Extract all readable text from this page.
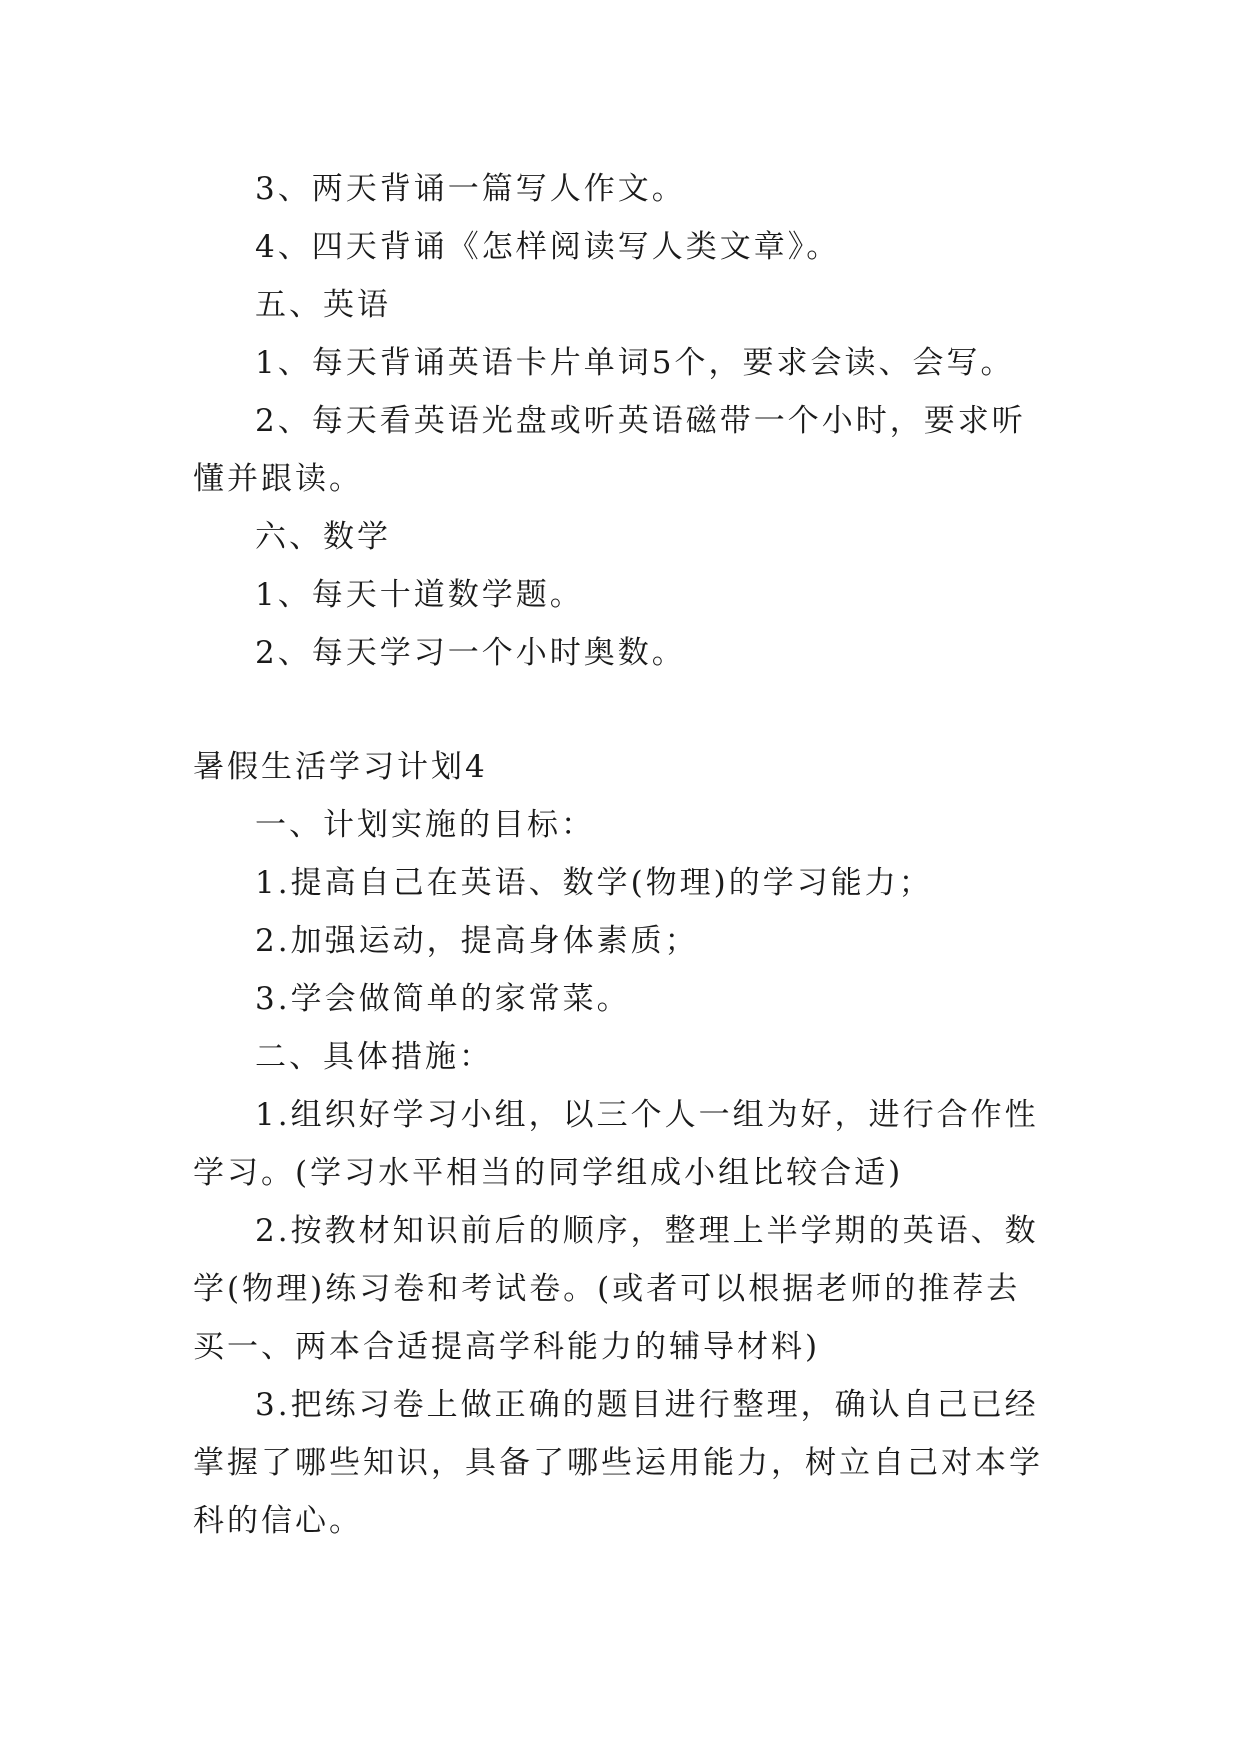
3、两天背诵一篇写人作文。

4、四天背诵《怎样阅读写人类文章》。

五、英语

1、每天背诵英语卡片单词5个，要求会读、会写。

2、每天看英语光盘或听英语磁带一个小时，要求听懂并跟读。

六、数学

1、每天十道数学题。

2、每天学习一个小时奥数。

暑假生活学习计划4

一、计划实施的目标：

1.提高自己在英语、数学(物理)的学习能力；

2.加强运动，提高身体素质；

3.学会做简单的家常菜。

二、具体措施：

1.组织好学习小组，以三个人一组为好，进行合作性学习。(学习水平相当的同学组成小组比较合适)

2.按教材知识前后的顺序，整理上半学期的英语、数学(物理)练习卷和考试卷。(或者可以根据老师的推荐去买一、两本合适提高学科能力的辅导材料)

3.把练习卷上做正确的题目进行整理，确认自己已经掌握了哪些知识，具备了哪些运用能力，树立自己对本学科的信心。
